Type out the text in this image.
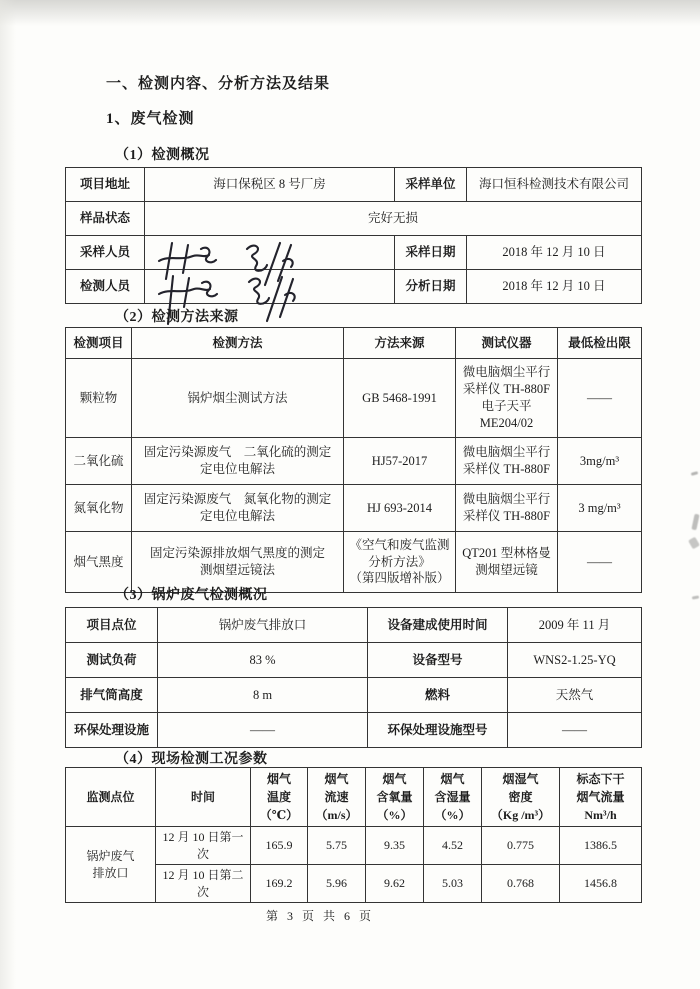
一、检测内容、分析方法及结果
1、废气检测
（1）检测概况
项目地址	海口保税区 8 号厂房	采样单位	海口恒科检测技术有限公司
样品状态	完好无损		
采样人员		采样日期	2018 年 12 月 10 日
检测人员		分析日期	2018 年 12 月 10 日
（2）检测方法来源
检测项目	检测方法	方法来源	测试仪器	最低检出限
颗粒物	锅炉烟尘测试方法	GB 5468-1991	微电脑烟尘平行
采样仪 TH-880F
电子天平
ME204/02	——
二氧化硫	固定污染源废气　二氧化硫的测定
定电位电解法	HJ57-2017	微电脑烟尘平行
采样仪 TH-880F	3mg/m³
氮氧化物	固定污染源废气　氮氧化物的测定
定电位电解法	HJ 693-2014	微电脑烟尘平行
采样仪 TH-880F	3 mg/m³
烟气黑度	固定污染源排放烟气黑度的测定
测烟望远镜法	《空气和废气监测
分析方法》
（第四版增补版）	QT201 型林格曼
测烟望远镜	——
（3）锅炉废气检测概况
项目点位	锅炉废气排放口	设备建成使用时间	2009 年 11 月
测试负荷	83 %	设备型号	WNS2-1.25-YQ
排气筒高度	8 m	燃料	天然气
环保处理设施	——	环保处理设施型号	——
（4）现场检测工况参数
监测点位	时间	烟气
温度
（℃）	烟气
流速
（m/s）	烟气
含氧量
（%）	烟气
含湿量
（%）	烟湿气
密度
（Kg /m³）	标态下干
烟气流量
Nm³/h

锅炉废气
排放口	12 月 10 日第一次	165.9	5.75	9.35	4.52	0.775	1386.5
	12 月 10 日第二次	169.2	5.96	9.62	5.03	0.768	1456.8
第 3 页 共 6 页
